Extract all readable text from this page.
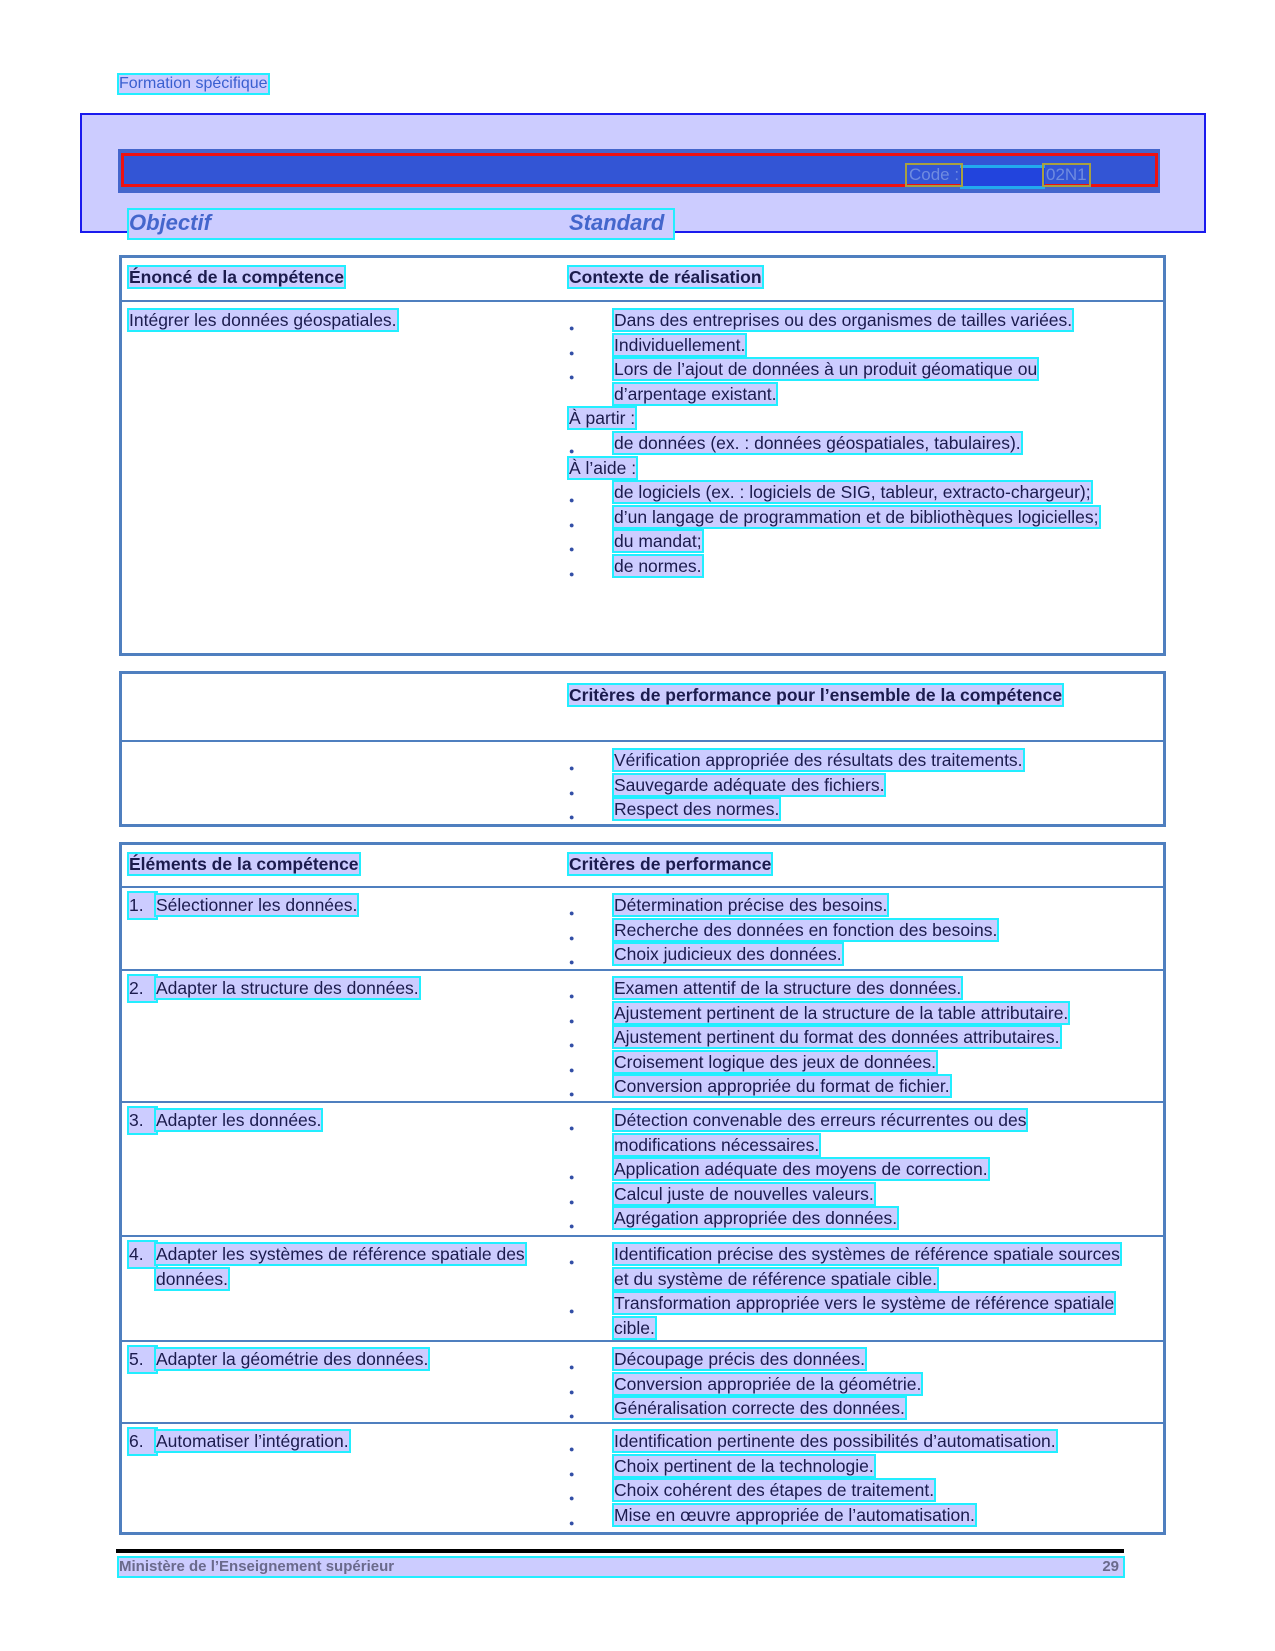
Formation spécifique
Code :	02N1
Objectif	Standard
Énoncé de la compétence	Contexte de réalisation
Intégrer les données géospatiales.	● Dans des entreprises ou des organismes de tailles variées.
● Individuellement.
● Lors de l’ajout de données à un produit géomatique ou d’arpentage existant.
À partir :
● de données (ex. : données géospatiales, tabulaires).
À l’aide :
● de logiciels (ex. : logiciels de SIG, tableur, extracto-chargeur);
● d’un langage de programmation et de bibliothèques logicielles;
● du mandat;
● de normes.
Critères de performance pour l’ensemble de la compétence
● Vérification appropriée des résultats des traitements.
● Sauvegarde adéquate des fichiers.
● Respect des normes.
Éléments de la compétence	Critères de performance
1. Sélectionner les données.	● Détermination précise des besoins.
● Recherche des données en fonction des besoins.
● Choix judicieux des données.
2. Adapter la structure des données.	● Examen attentif de la structure des données.
● Ajustement pertinent de la structure de la table attributaire.
● Ajustement pertinent du format des données attributaires.
● Croisement logique des jeux de données.
● Conversion appropriée du format de fichier.
3. Adapter les données.	● Détection convenable des erreurs récurrentes ou des modifications nécessaires.
● Application adéquate des moyens de correction.
● Calcul juste de nouvelles valeurs.
● Agrégation appropriée des données.
4. Adapter les systèmes de référence spatiale des données.
● Identification précise des systèmes de référence spatiale sources et du système de référence spatiale cible.
● Transformation appropriée vers le système de référence spatiale cible.
5. Adapter la géométrie des données.	● Découpage précis des données.
● Conversion appropriée de la géométrie.
● Généralisation correcte des données.
6. Automatiser l’intégration.	● Identification pertinente des possibilités d’automatisation.
● Choix pertinent de la technologie.
● Choix cohérent des étapes de traitement.
● Mise en œuvre appropriée de l’automatisation.
Ministère de l’Enseignement supérieur	29
